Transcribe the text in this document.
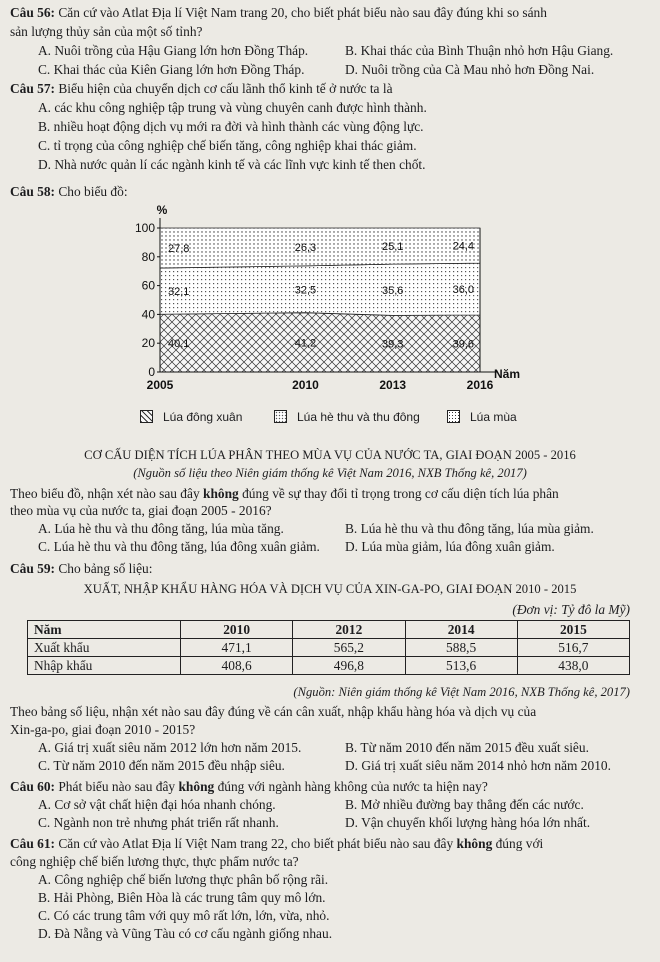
Câu 56: Căn cứ vào Atlat Địa lí Việt Nam trang 20, cho biết phát biểu nào sau đây đúng khi so sánh
sản lượng thủy sản của một số tỉnh?
A. Nuôi trồng của Hậu Giang lớn hơn Đồng Tháp.	B. Khai thác của Bình Thuận nhỏ hơn Hậu Giang.
C. Khai thác của Kiên Giang lớn hơn Đồng Tháp.	D. Nuôi trồng của Cà Mau nhỏ hơn Đồng Nai.
Câu 57: Biểu hiện của chuyển dịch cơ cấu lãnh thổ kinh tế ở nước ta là
A. các khu công nghiệp tập trung và vùng chuyên canh được hình thành.
B. nhiều hoạt động dịch vụ mới ra đời và hình thành các vùng động lực.
C. tỉ trọng của công nghiệp chế biến tăng, công nghiệp khai thác giảm.
D. Nhà nước quản lí các ngành kinh tế và các lĩnh vực kinh tế then chốt.
Câu 58: Cho biểu đồ:
0
20
40
60
80
100
2005	2010	2013	2016
%
Năm
40,1	41,2	39,3	39,6
32,1	32,5	35,6	36,0
27,8	26,3	25,1	24,4
Lúa đông xuân	Lúa hè thu và thu đông	Lúa mùa
CƠ CẤU DIỆN TÍCH LÚA PHÂN THEO MÙA VỤ CỦA NƯỚC TA, GIAI ĐOẠN 2005 - 2016
(Nguồn số liệu theo Niên giám thống kê Việt Nam 2016, NXB Thống kê, 2017)
Theo biểu đồ, nhận xét nào sau đây không đúng về sự thay đổi tỉ trọng trong cơ cấu diện tích lúa phân
theo mùa vụ của nước ta, giai đoạn 2005 - 2016?
A. Lúa hè thu và thu đông tăng, lúa mùa tăng.	B. Lúa hè thu và thu đông tăng, lúa mùa giảm.
C. Lúa hè thu và thu đông tăng, lúa đông xuân giảm. D. Lúa mùa giảm, lúa đông xuân giảm.
Câu 59: Cho bảng số liệu:
XUẤT, NHẬP KHẨU HÀNG HÓA VÀ DỊCH VỤ CỦA XIN-GA-PO, GIAI ĐOẠN 2010 - 2015
(Đơn vị: Tỷ đô la Mỹ)
Năm	2010	2012	2014	2015
Xuất khẩu	471,1	565,2	588,5	516,7
Nhập khẩu	408,6	496,8	513,6	438,0
(Nguồn: Niên giám thống kê Việt Nam 2016, NXB Thống kê, 2017)
Theo bảng số liệu, nhận xét nào sau đây đúng về cán cân xuất, nhập khẩu hàng hóa và dịch vụ của
Xin-ga-po, giai đoạn 2010 - 2015?
A. Giá trị xuất siêu năm 2012 lớn hơn năm 2015.	B. Từ năm 2010 đến năm 2015 đều xuất siêu.
C. Từ năm 2010 đến năm 2015 đều nhập siêu.	D. Giá trị xuất siêu năm 2014 nhỏ hơn năm 2010.
Câu 60: Phát biểu nào sau đây không đúng với ngành hàng không của nước ta hiện nay?
A. Cơ sở vật chất hiện đại hóa nhanh chóng.	B. Mở nhiều đường bay thẳng đến các nước.
C. Ngành non trẻ nhưng phát triển rất nhanh.	D. Vận chuyển khối lượng hàng hóa lớn nhất.
Câu 61: Căn cứ vào Atlat Địa lí Việt Nam trang 22, cho biết phát biểu nào sau đây không đúng với
công nghiệp chế biến lương thực, thực phẩm nước ta?
A. Công nghiệp chế biến lương thực phân bố rộng rãi.
B. Hải Phòng, Biên Hòa là các trung tâm quy mô lớn.
C. Có các trung tâm với quy mô rất lớn, lớn, vừa, nhỏ.
D. Đà Nẵng và Vũng Tàu có cơ cấu ngành giống nhau.
